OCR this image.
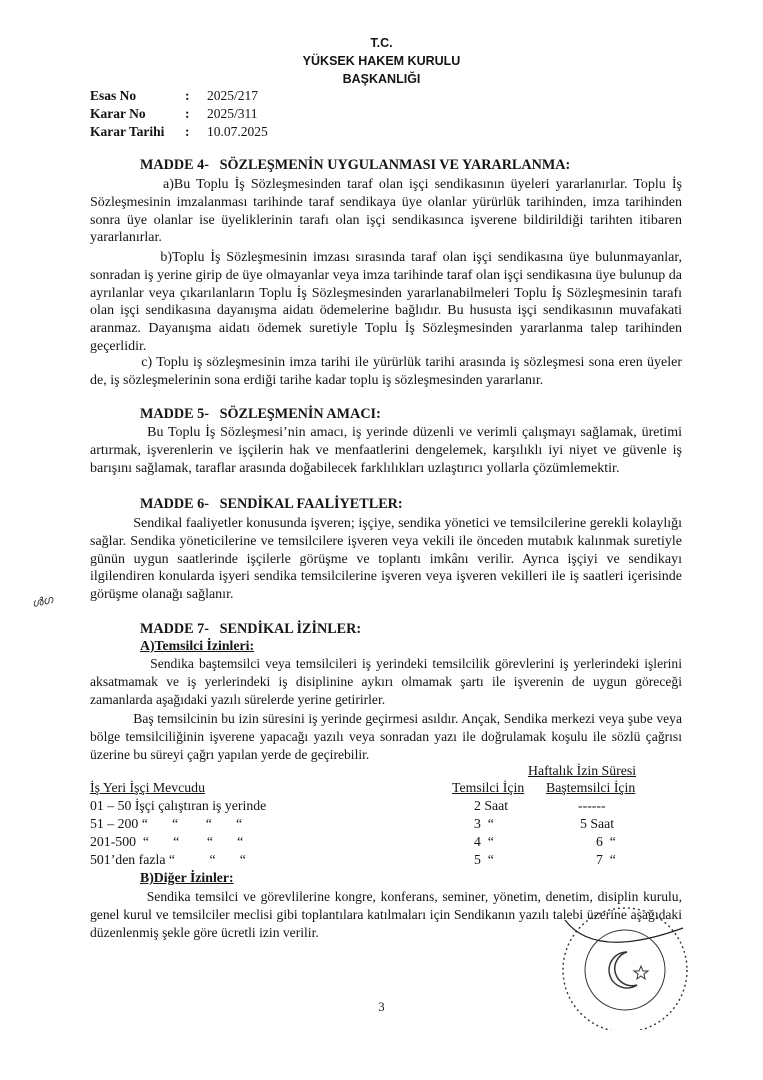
T.C.
YÜKSEK HAKEM KURULU
BAŞKANLIĞI
Esas No	: 2025/217
Karar No	: 2025/311
Karar Tarihi : 10.07.2025
MADDE 4-   SÖZLEŞMENİN UYGULANMASI VE YARARLANMA:

a)Bu Toplu İş Sözleşmesinden taraf olan işçi sendikasının üyeleri yararlanırlar. Toplu İş Sözleşmesinin imzalanması tarihinde taraf sendikaya üye olanlar yürürlük tarihinden, imza tarihinden sonra üye olanlar ise üyeliklerinin tarafı olan işçi sendikasınca işverene bildirildiği tarihten itibaren yararlanırlar.

b)Toplu İş Sözleşmesinin imzası sırasında taraf olan işçi sendikasına üye bulunmayanlar, sonradan iş yerine girip de üye olmayanlar veya imza tarihinde taraf olan işçi sendikasına üye bulunup da ayrılanlar veya çıkarılanların Toplu İş Sözleşmesinden yararlanabilmeleri Toplu İş Sözleşmesinin tarafı olan işçi sendikasına dayanışma aidatı ödemelerine bağlıdır. Bu hususta işçi sendikasının muvafakati aranmaz. Dayanışma aidatı ödemek suretiyle Toplu İş Sözleşmesinden yararlanma talep tarihinden geçerlidir.

c) Toplu iş sözleşmesinin imza tarihi ile yürürlük tarihi arasında iş sözleşmesi sona eren üyeler de, iş sözleşmelerinin sona erdiği tarihe kadar toplu iş sözleşmesinden yararlanır.

MADDE 5-   SÖZLEŞMENİN AMACI:

Bu Toplu İş Sözleşmesi’nin amacı, iş yerinde düzenli ve verimli çalışmayı sağlamak, üretimi artırmak, işverenlerin ve işçilerin hak ve menfaatlerini dengelemek, karşılıklı iyi niyet ve güvenle iş barışını sağlamak, taraflar arasında doğabilecek farklılıkları uzlaştırıcı yollarla çözümlemektir.

MADDE 6-   SENDİKAL FAALİYETLER:

Sendikal faaliyetler konusunda işveren; işçiye, sendika yönetici ve temsilcilerine gerekli kolaylığı sağlar. Sendika yöneticilerine ve temsilcilere işveren veya vekili ile önceden mutabık kalınmak suretiyle günün uygun saatlerinde işçilerle görüşme ve toplantı imkânı verilir. Ayrıca işçiyi ve sendikayı ilgilendiren konularda işyeri sendika temsilcilerine işveren veya işveren vekilleri ile iş saatleri içerisinde görüşme olanağı sağlanır.

ൾഗ
MADDE 7-   SENDİKAL İZİNLER:
A)Temsilci İzinleri:

Sendika baştemsilci veya temsilcileri iş yerindeki temsilcilik görevlerini iş yerlerindeki işlerini aksatmamak ve iş yerlerindeki iş disiplinine aykırı olmamak şartı ile işverenin de uygun göreceği zamanlarda aşağıdaki yazılı sürelerde yerine getirirler.

Baş temsilcinin bu izin süresini iş yerinde geçirmesi asıldır. Ançak, Sendika merkezi veya şube veya bölge temsilciliğinin işverene yapacağı yazılı veya sonradan yazı ile doğrulamak koşulu ile sözlü çağrısı üzerine bu süreyi çağrı yapılan yerde de geçirebilir.

Haftalık İzin Süresi
İş Yeri İşçi Mevcudu	Temsilci İçin Baştemsilci İçin
01 – 50 İşçi çalıştıran iş yerinde	2 Saat	------
51 – 200 “       “        “       “	3  “	5 Saat
201-500  “       “        “       “	4  “	6  “
501’den fazla “          “       “	5  “	7  “
B)Diğer İzinler:

Sendika temsilci ve görevlilerine kongre, konferans, seminer, yönetim, denetim, disiplin kurulu, genel kurul ve temsilciler meclisi gibi toplantılara katılmaları için Sendikanın yazılı talebi üzerine aşağıdaki düzenlenmiş şekle göre ücretli izin verilir.

3
